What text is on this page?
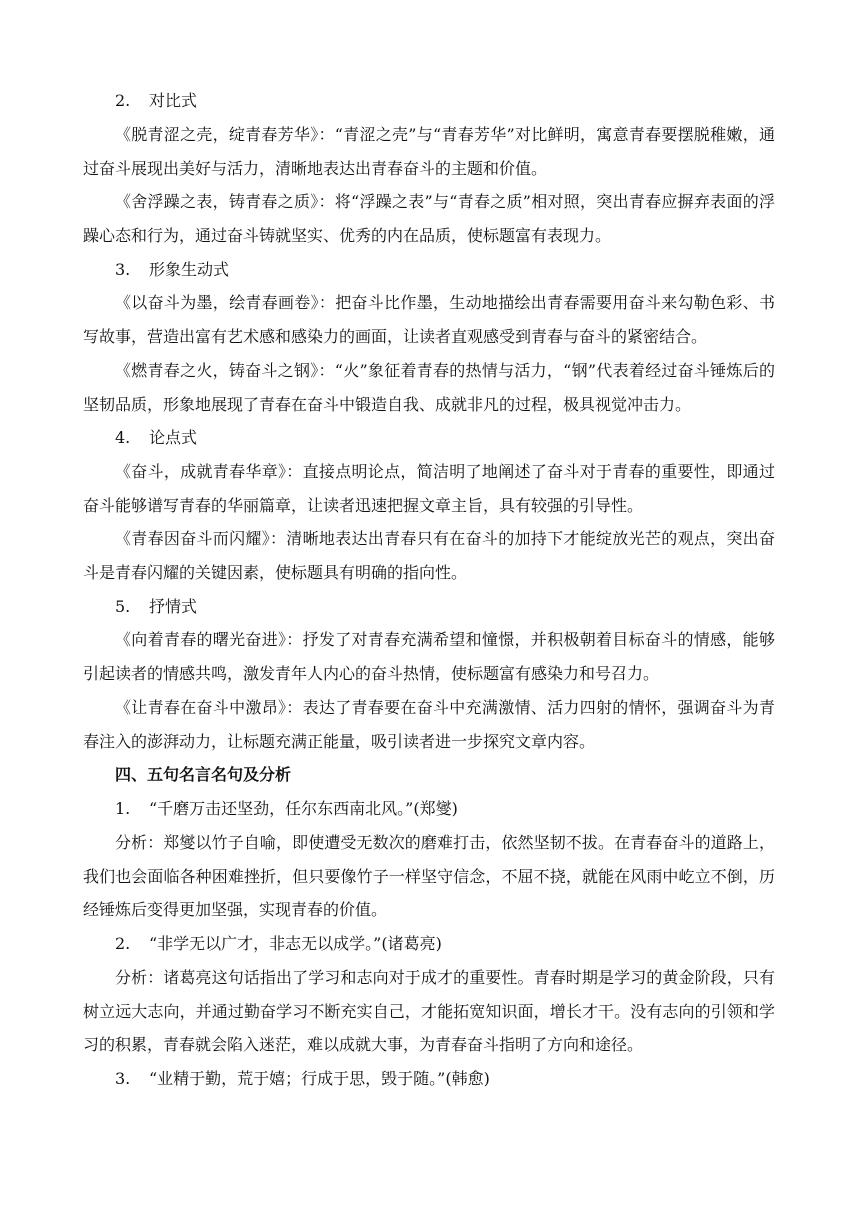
2. 对比式

《脱青涩之壳，绽青春芳华》：“青涩之壳”与“青春芳华”对比鲜明，寓意青春要摆脱稚嫩，通过奋斗展现出美好与活力，清晰地表达出青春奋斗的主题和价值。

《舍浮躁之表，铸青春之质》：将“浮躁之表”与“青春之质”相对照，突出青春应摒弃表面的浮躁心态和行为，通过奋斗铸就坚实、优秀的内在品质，使标题富有表现力。

3. 形象生动式

《以奋斗为墨，绘青春画卷》：把奋斗比作墨，生动地描绘出青春需要用奋斗来勾勒色彩、书写故事，营造出富有艺术感和感染力的画面，让读者直观感受到青春与奋斗的紧密结合。

《燃青春之火，铸奋斗之钢》：“火”象征着青春的热情与活力，“钢”代表着经过奋斗锤炼后的坚韧品质，形象地展现了青春在奋斗中锻造自我、成就非凡的过程，极具视觉冲击力。

4. 论点式

《奋斗，成就青春华章》：直接点明论点，简洁明了地阐述了奋斗对于青春的重要性，即通过奋斗能够谱写青春的华丽篇章，让读者迅速把握文章主旨，具有较强的引导性。

《青春因奋斗而闪耀》：清晰地表达出青春只有在奋斗的加持下才能绽放光芒的观点，突出奋斗是青春闪耀的关键因素，使标题具有明确的指向性。

5. 抒情式

《向着青春的曙光奋进》：抒发了对青春充满希望和憧憬，并积极朝着目标奋斗的情感，能够引起读者的情感共鸣，激发青年人内心的奋斗热情，使标题富有感染力和号召力。

《让青春在奋斗中激昂》：表达了青春要在奋斗中充满激情、活力四射的情怀，强调奋斗为青春注入的澎湃动力，让标题充满正能量，吸引读者进一步探究文章内容。

四、五句名言名句及分析

1. “千磨万击还坚劲，任尔东西南北风。”(郑燮)

分析：郑燮以竹子自喻，即使遭受无数次的磨难打击，依然坚韧不拔。在青春奋斗的道路上，我们也会面临各种困难挫折，但只要像竹子一样坚守信念，不屈不挠，就能在风雨中屹立不倒，历经锤炼后变得更加坚强，实现青春的价值。

2. “非学无以广才，非志无以成学。”(诸葛亮)

分析：诸葛亮这句话指出了学习和志向对于成才的重要性。青春时期是学习的黄金阶段，只有树立远大志向，并通过勤奋学习不断充实自己，才能拓宽知识面，增长才干。没有志向的引领和学习的积累，青春就会陷入迷茫，难以成就大事，为青春奋斗指明了方向和途径。

3. “业精于勤，荒于嬉；行成于思，毁于随。”(韩愈)
